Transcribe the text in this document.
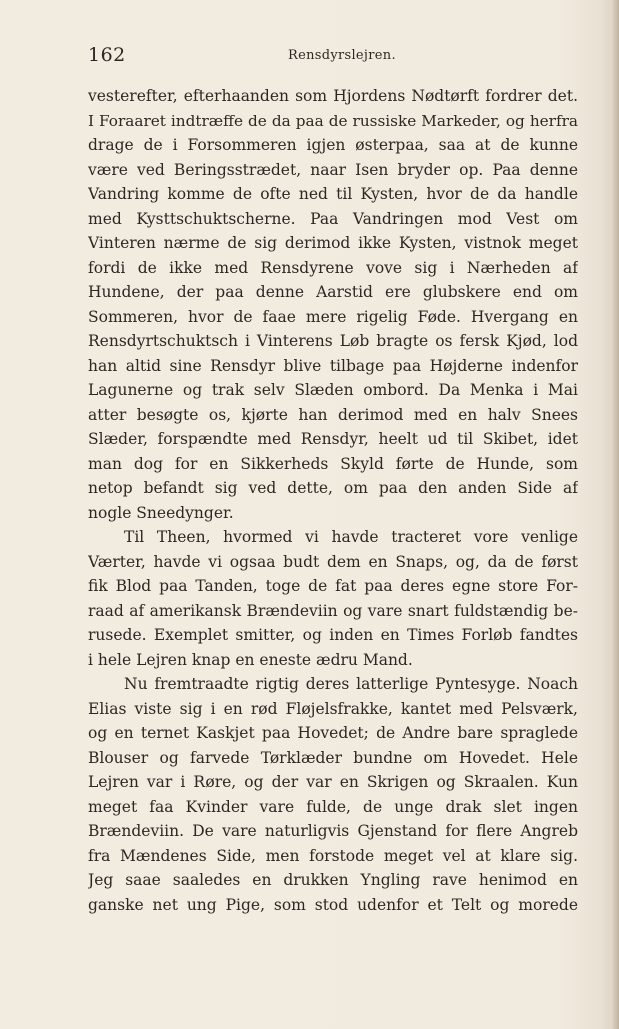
162	Rensdyrslejren.
vesterefter, efterhaanden som Hjordens Nødtørft fordrer det.
I Foraaret indtræffe de da paa de russiske Markeder, og herfra
drage de i Forsommeren igjen østerpaa, saa at de kunne
være ved Beringsstrædet, naar Isen bryder op. Paa denne
Vandring komme de ofte ned til Kysten, hvor de da handle
med Kysttschuktscherne. Paa Vandringen mod Vest om
Vinteren nærme de sig derimod ikke Kysten, vistnok meget
fordi de ikke med Rensdyrene vove sig i Nærheden af
Hundene, der paa denne Aarstid ere glubskere end om
Sommeren, hvor de faae mere rigelig Føde. Hvergang en
Rensdyrtschuktsch i Vinterens Løb bragte os fersk Kjød, lod
han altid sine Rensdyr blive tilbage paa Højderne indenfor
Lagunerne og trak selv Slæden ombord. Da Menka i Mai
atter besøgte os, kjørte han derimod med en halv Snees
Slæder, forspændte med Rensdyr, heelt ud til Skibet, idet
man dog for en Sikkerheds Skyld førte de Hunde, som
netop befandt sig ved dette, om paa den anden Side af
nogle Sneedynger.
Til Theen, hvormed vi havde tracteret vore venlige
Værter, havde vi ogsaa budt dem en Snaps, og, da de først
fik Blod paa Tanden, toge de fat paa deres egne store For-
raad af amerikansk Brændeviin og vare snart fuldstændig be-
rusede. Exemplet smitter, og inden en Times Forløb fandtes
i hele Lejren knap en eneste ædru Mand.
Nu fremtraadte rigtig deres latterlige Pyntesyge. Noach
Elias viste sig i en rød Fløjelsfrakke, kantet med Pelsværk,
og en ternet Kaskjet paa Hovedet; de Andre bare spraglede
Blouser og farvede Tørklæder bundne om Hovedet. Hele
Lejren var i Røre, og der var en Skrigen og Skraalen. Kun
meget faa Kvinder vare fulde, de unge drak slet ingen
Brændeviin. De vare naturligvis Gjenstand for flere Angreb
fra Mændenes Side, men forstode meget vel at klare sig.
Jeg saae saaledes en drukken Yngling rave henimod en
ganske net ung Pige, som stod udenfor et Telt og morede
